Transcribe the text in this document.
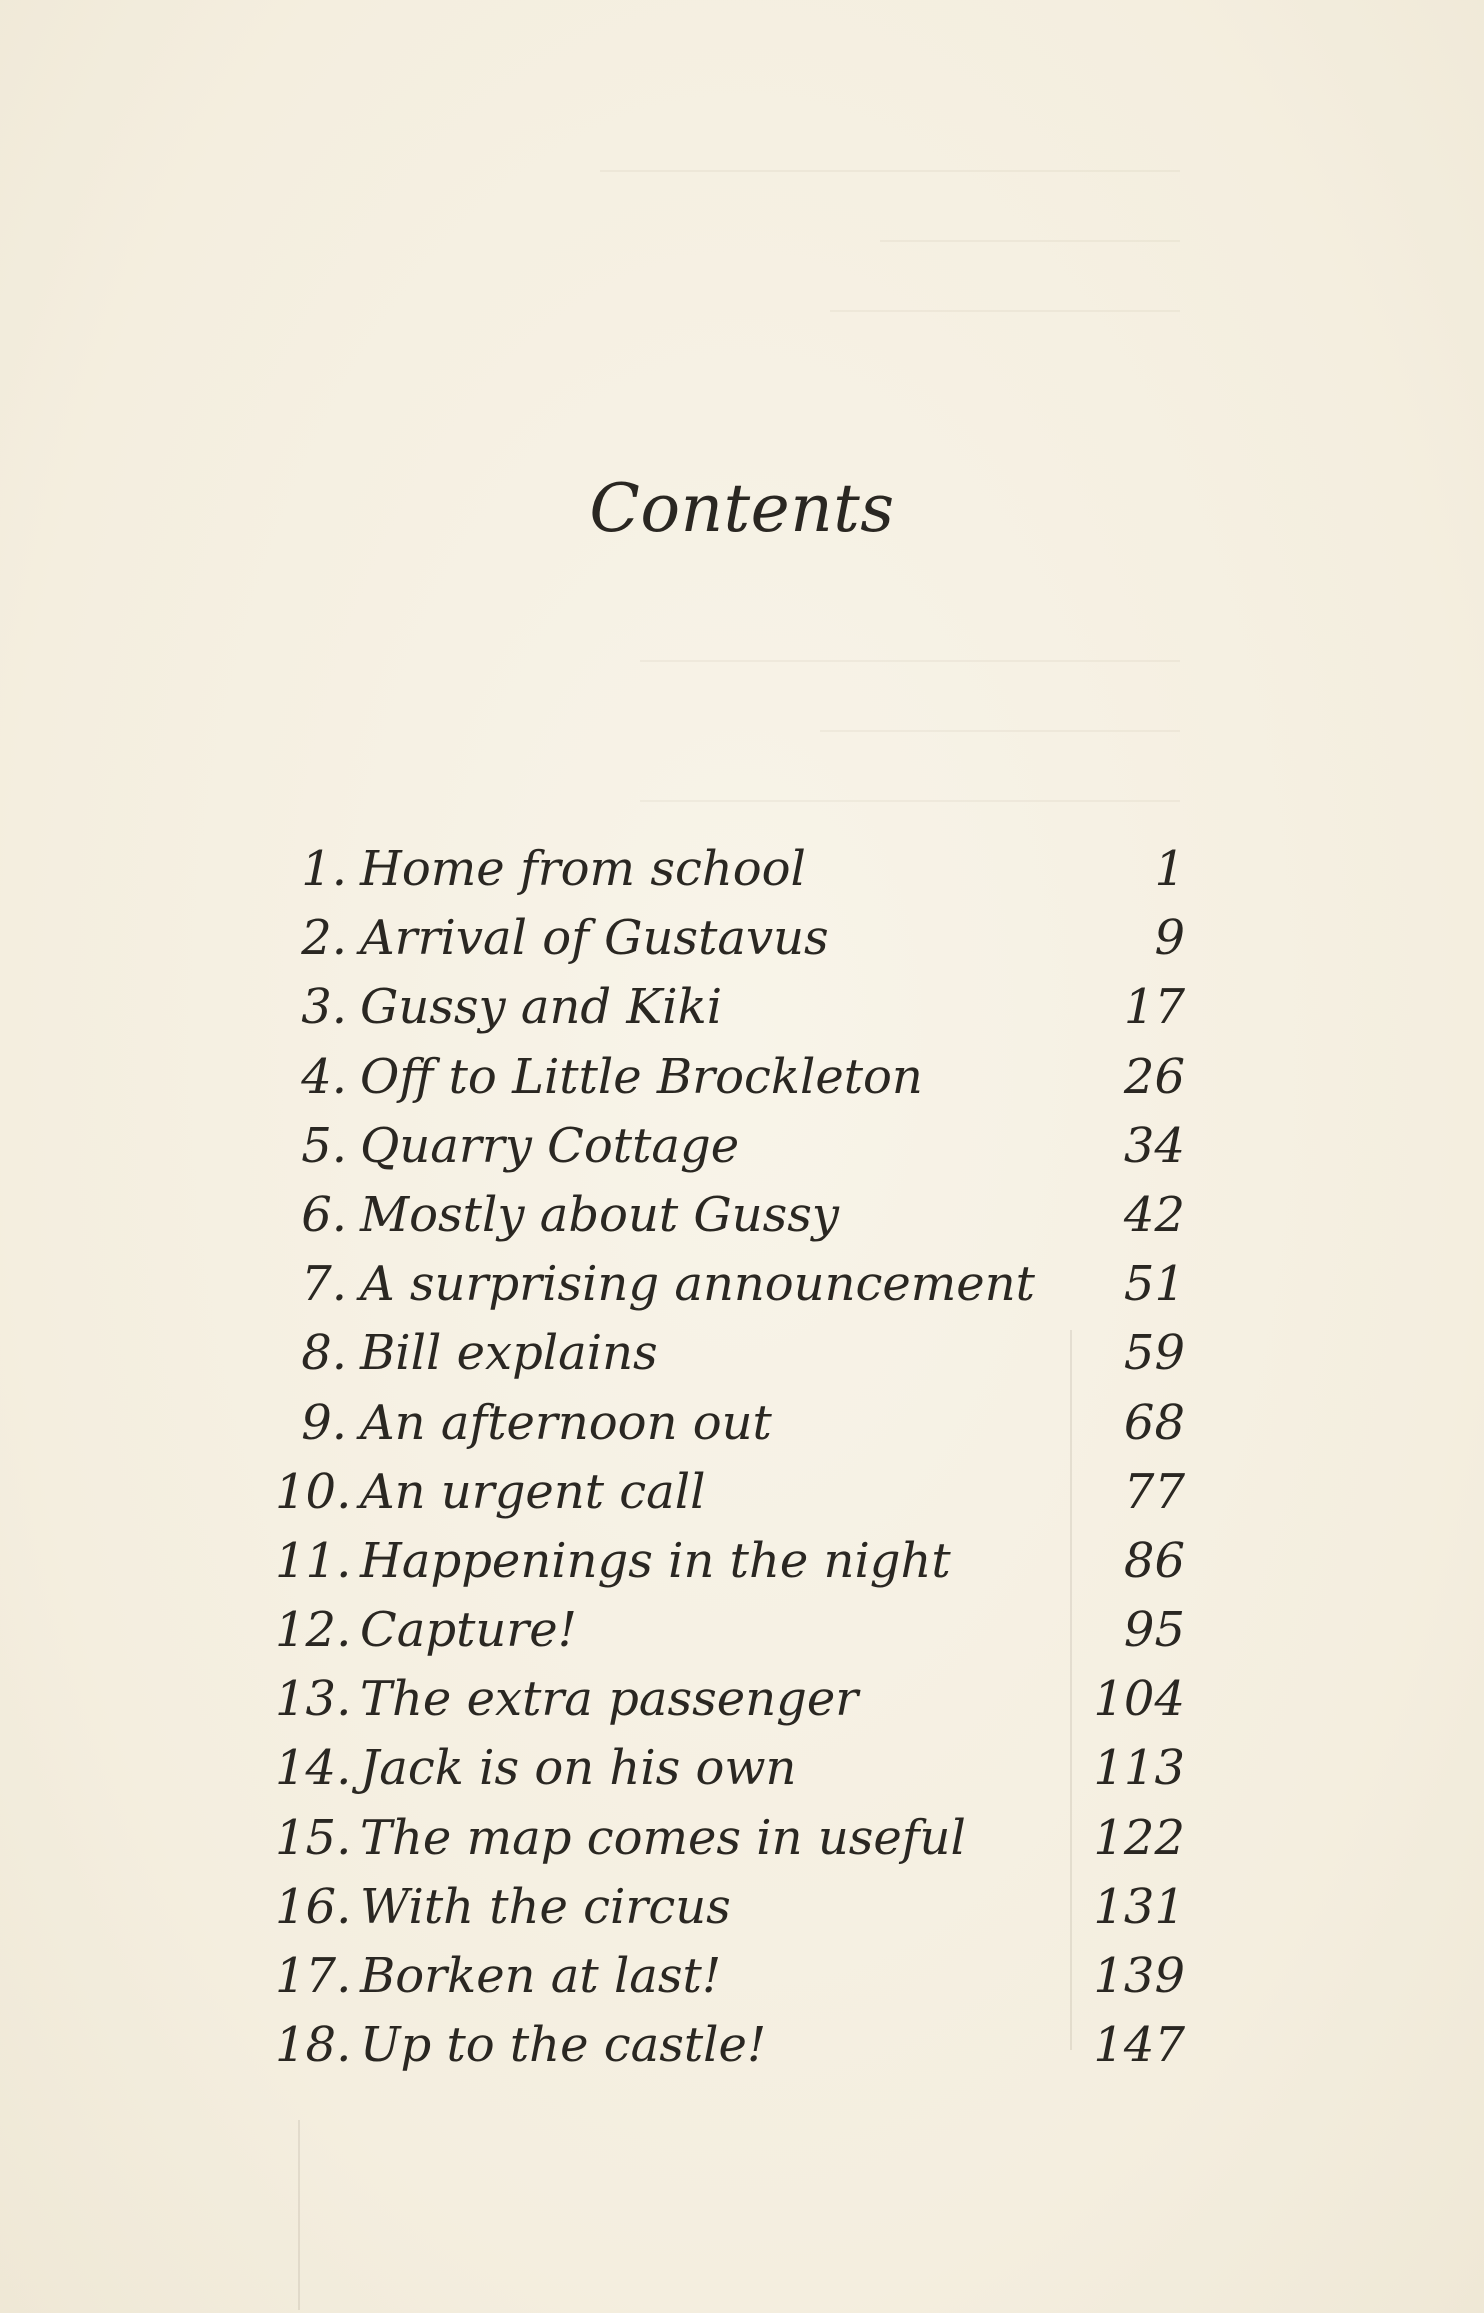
Contents
1. Home from school	1
2. Arrival of Gustavus	9
3. Gussy and Kiki	17
4. Off to Little Brockleton	26
5. Quarry Cottage	34
6. Mostly about Gussy	42
7. A surprising announcement 51
8. Bill explains	59
9. An afternoon out	68
10. An urgent call	77
11. Happenings in the night	86
12. Capture!	95
13. The extra passenger	104
14. Jack is on his own	113
15. The map comes in useful	122
16. With the circus	131
17. Borken at last!	139
18. Up to the castle!	147
